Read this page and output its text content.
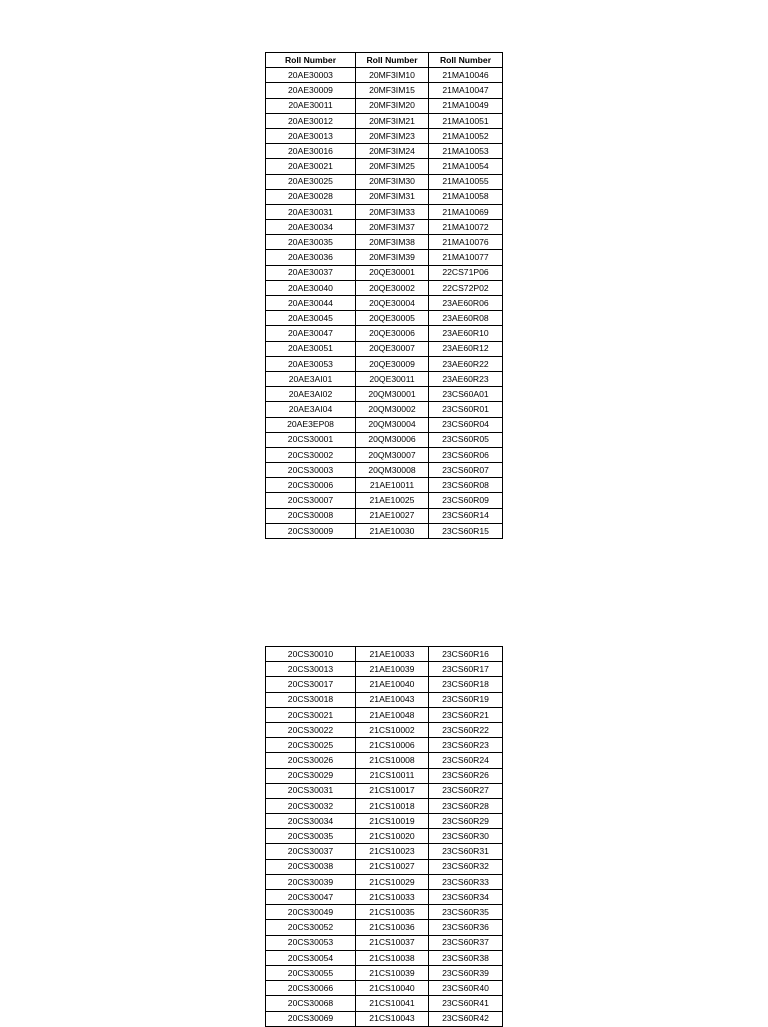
Roll Number	Roll Number	Roll Number
20AE30003	20MF3IM10	21MA10046
20AE30009	20MF3IM15	21MA10047
20AE30011	20MF3IM20	21MA10049
20AE30012	20MF3IM21	21MA10051
20AE30013	20MF3IM23	21MA10052
20AE30016	20MF3IM24	21MA10053
20AE30021	20MF3IM25	21MA10054
20AE30025	20MF3IM30	21MA10055
20AE30028	20MF3IM31	21MA10058
20AE30031	20MF3IM33	21MA10069
20AE30034	20MF3IM37	21MA10072
20AE30035	20MF3IM38	21MA10076
20AE30036	20MF3IM39	21MA10077
20AE30037	20QE30001	22CS71P06
20AE30040	20QE30002	22CS72P02
20AE30044	20QE30004	23AE60R06
20AE30045	20QE30005	23AE60R08
20AE30047	20QE30006	23AE60R10
20AE30051	20QE30007	23AE60R12
20AE30053	20QE30009	23AE60R22
20AE3AI01	20QE30011	23AE60R23
20AE3AI02	20QM30001	23CS60A01
20AE3AI04	20QM30002	23CS60R01
20AE3EP08	20QM30004	23CS60R04
20CS30001	20QM30006	23CS60R05
20CS30002	20QM30007	23CS60R06
20CS30003	20QM30008	23CS60R07
20CS30006	21AE10011	23CS60R08
20CS30007	21AE10025	23CS60R09
20CS30008	21AE10027	23CS60R14
20CS30009	21AE10030	23CS60R15
20CS30010	21AE10033	23CS60R16
20CS30013	21AE10039	23CS60R17
20CS30017	21AE10040	23CS60R18
20CS30018	21AE10043	23CS60R19
20CS30021	21AE10048	23CS60R21
20CS30022	21CS10002	23CS60R22
20CS30025	21CS10006	23CS60R23
20CS30026	21CS10008	23CS60R24
20CS30029	21CS10011	23CS60R26
20CS30031	21CS10017	23CS60R27
20CS30032	21CS10018	23CS60R28
20CS30034	21CS10019	23CS60R29
20CS30035	21CS10020	23CS60R30
20CS30037	21CS10023	23CS60R31
20CS30038	21CS10027	23CS60R32
20CS30039	21CS10029	23CS60R33
20CS30047	21CS10033	23CS60R34
20CS30049	21CS10035	23CS60R35
20CS30052	21CS10036	23CS60R36
20CS30053	21CS10037	23CS60R37
20CS30054	21CS10038	23CS60R38
20CS30055	21CS10039	23CS60R39
20CS30066	21CS10040	23CS60R40
20CS30068	21CS10041	23CS60R41
20CS30069	21CS10043	23CS60R42
